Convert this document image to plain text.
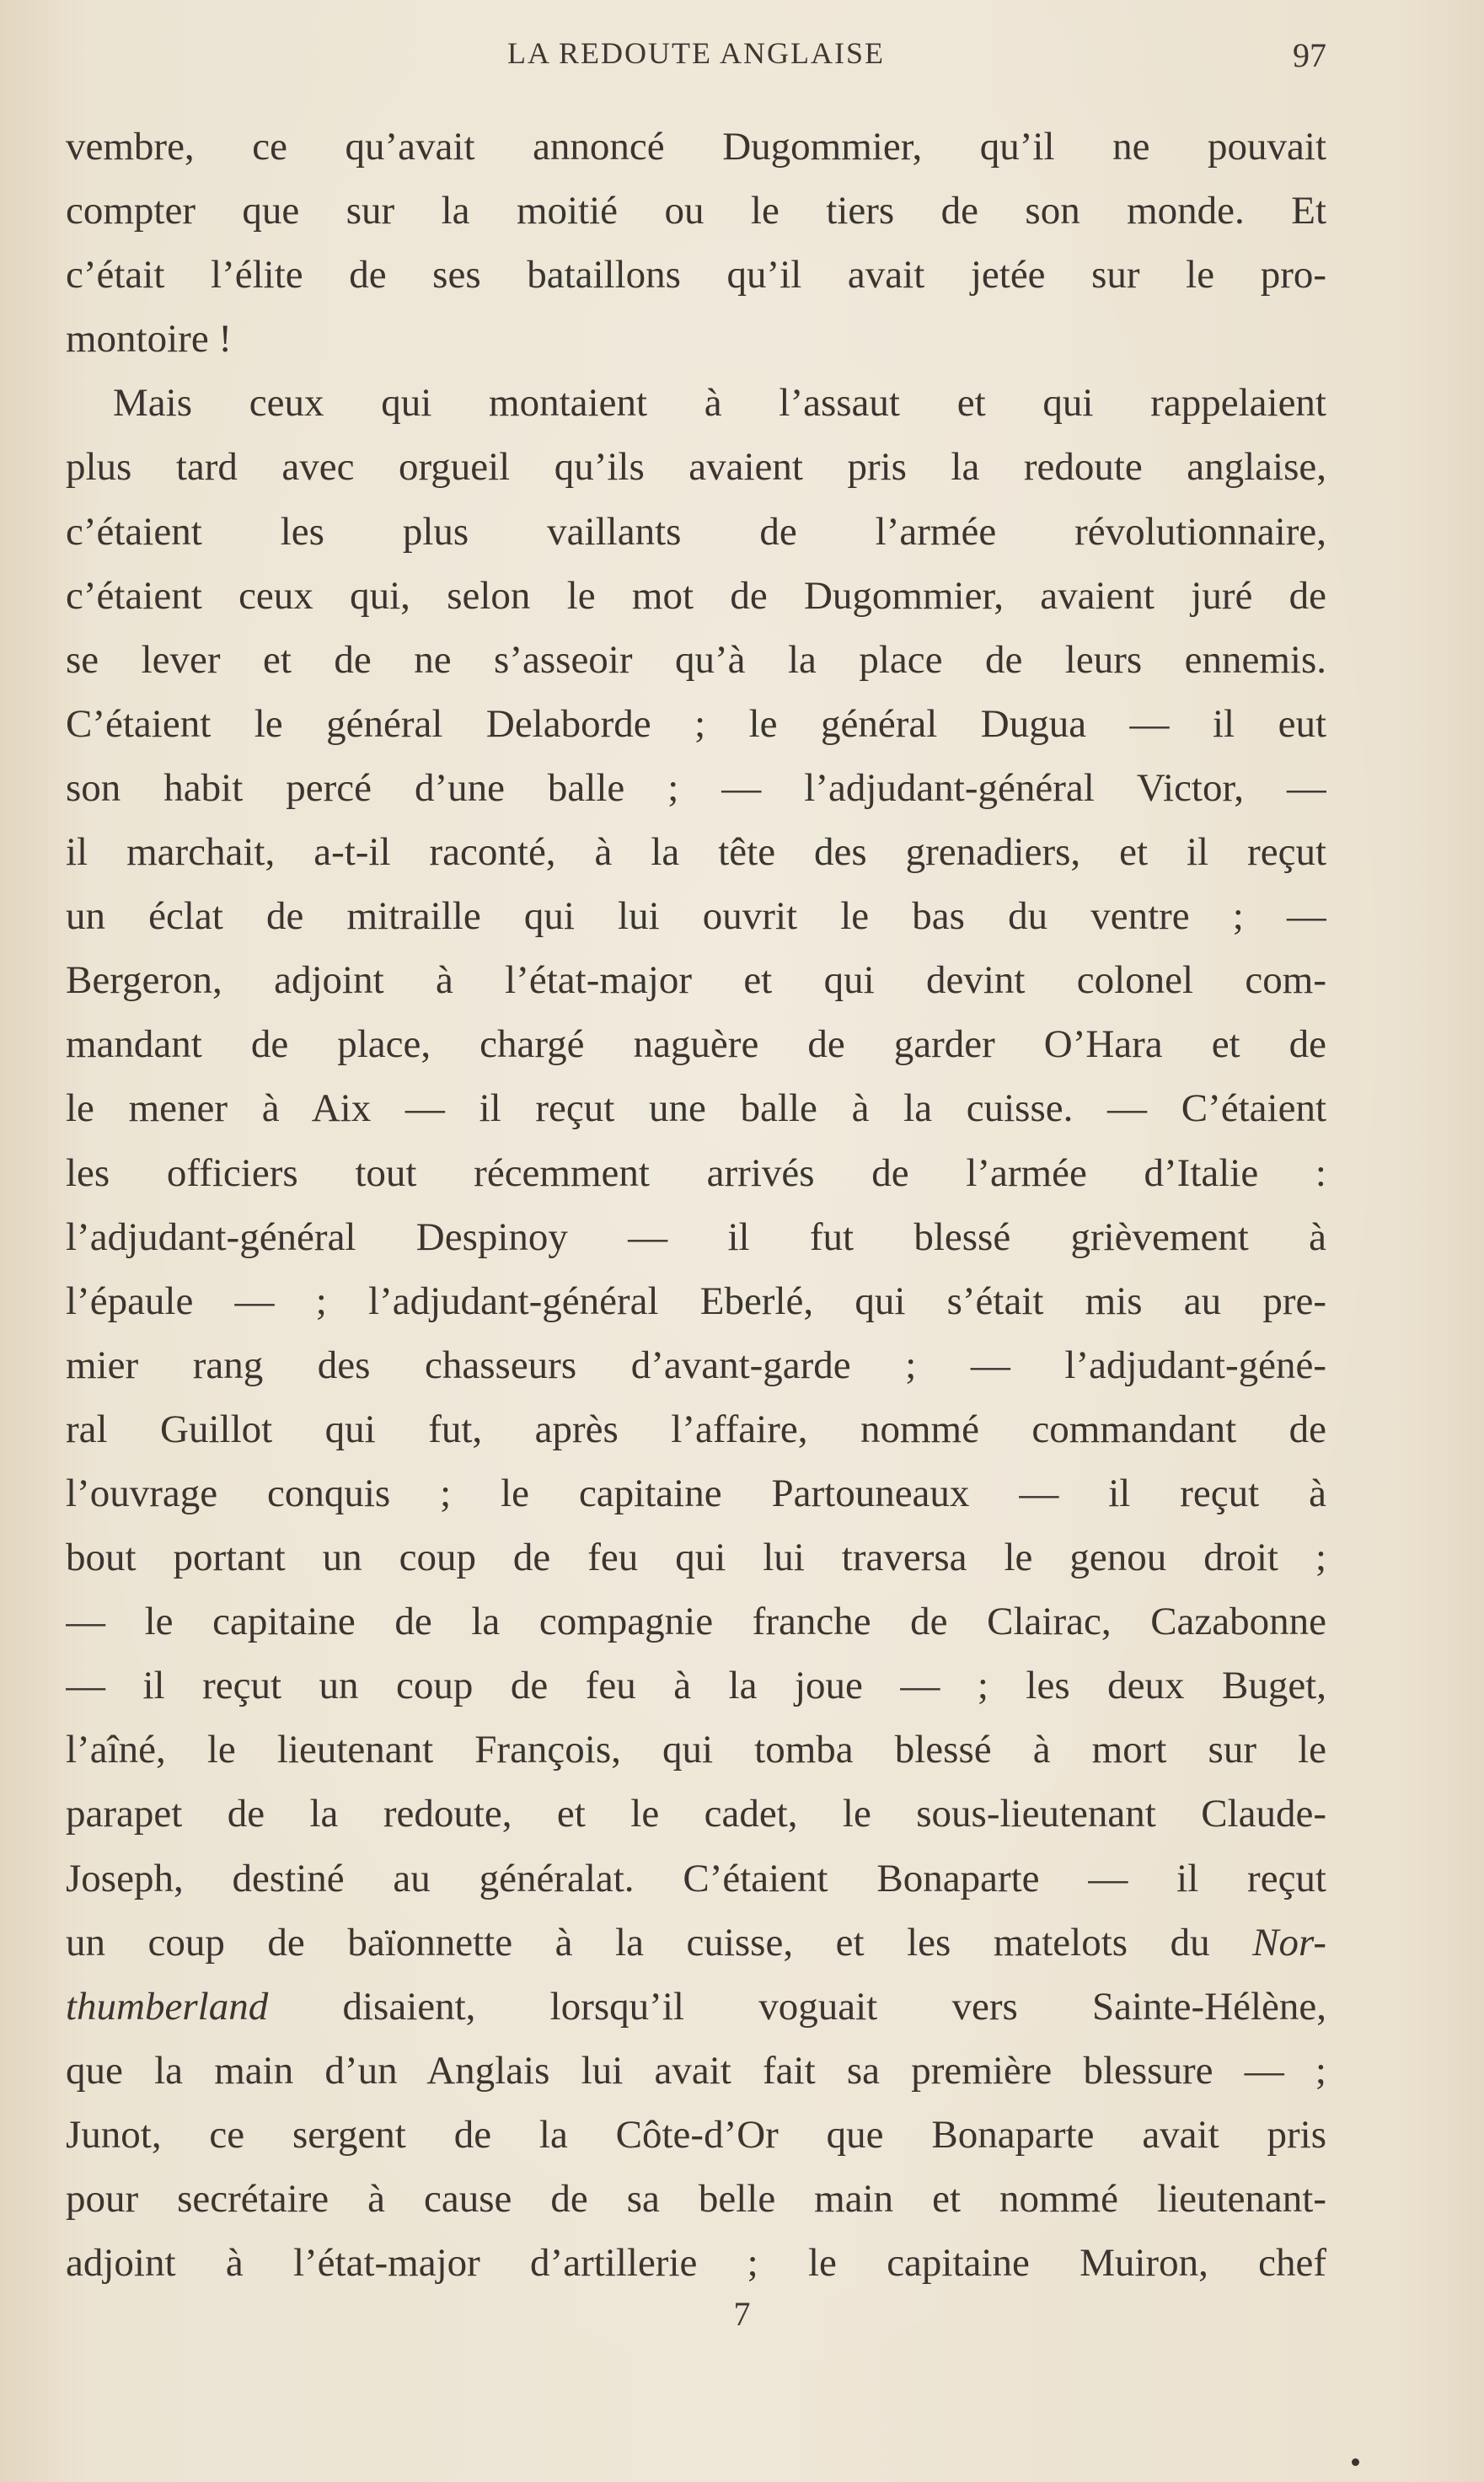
LA REDOUTE ANGLAISE	97
vembre, ce qu’avait annoncé Dugommier, qu’il ne pouvait
compter que sur la moitié ou le tiers de son monde. Et
c’était l’élite de ses bataillons qu’il avait jetée sur le pro-
montoire !
Mais ceux qui montaient à l’assaut et qui rappelaient
plus tard avec orgueil qu’ils avaient pris la redoute anglaise,
c’étaient les plus vaillants de l’armée révolutionnaire,
c’étaient ceux qui, selon le mot de Dugommier, avaient juré de
se lever et de ne s’asseoir qu’à la place de leurs ennemis.
C’étaient le général Delaborde ; le général Dugua — il eut
son habit percé d’une balle ; — l’adjudant-général Victor, —
il marchait, a-t-il raconté, à la tête des grenadiers, et il reçut
un éclat de mitraille qui lui ouvrit le bas du ventre ; —
Bergeron, adjoint à l’état-major et qui devint colonel com-
mandant de place, chargé naguère de garder O’Hara et de
le mener à Aix — il reçut une balle à la cuisse. — C’étaient
les officiers tout récemment arrivés de l’armée d’Italie :
l’adjudant-général Despinoy — il fut blessé grièvement à
l’épaule — ; l’adjudant-général Eberlé, qui s’était mis au pre-
mier rang des chasseurs d’avant-garde ; — l’adjudant-géné-
ral Guillot qui fut, après l’affaire, nommé commandant de
l’ouvrage conquis ; le capitaine Partouneaux — il reçut à
bout portant un coup de feu qui lui traversa le genou droit ;
— le capitaine de la compagnie franche de Clairac, Cazabonne
— il reçut un coup de feu à la joue — ; les deux Buget,
l’aîné, le lieutenant François, qui tomba blessé à mort sur le
parapet de la redoute, et le cadet, le sous-lieutenant Claude-
Joseph, destiné au généralat. C’étaient Bonaparte — il reçut
un coup de baïonnette à la cuisse, et les matelots du Nor-
thumberland disaient, lorsqu’il voguait vers Sainte-Hélène,
que la main d’un Anglais lui avait fait sa première blessure — ;
Junot, ce sergent de la Côte-d’Or que Bonaparte avait pris
pour secrétaire à cause de sa belle main et nommé lieutenant-
adjoint à l’état-major d’artillerie ; le capitaine Muiron, chef
7
